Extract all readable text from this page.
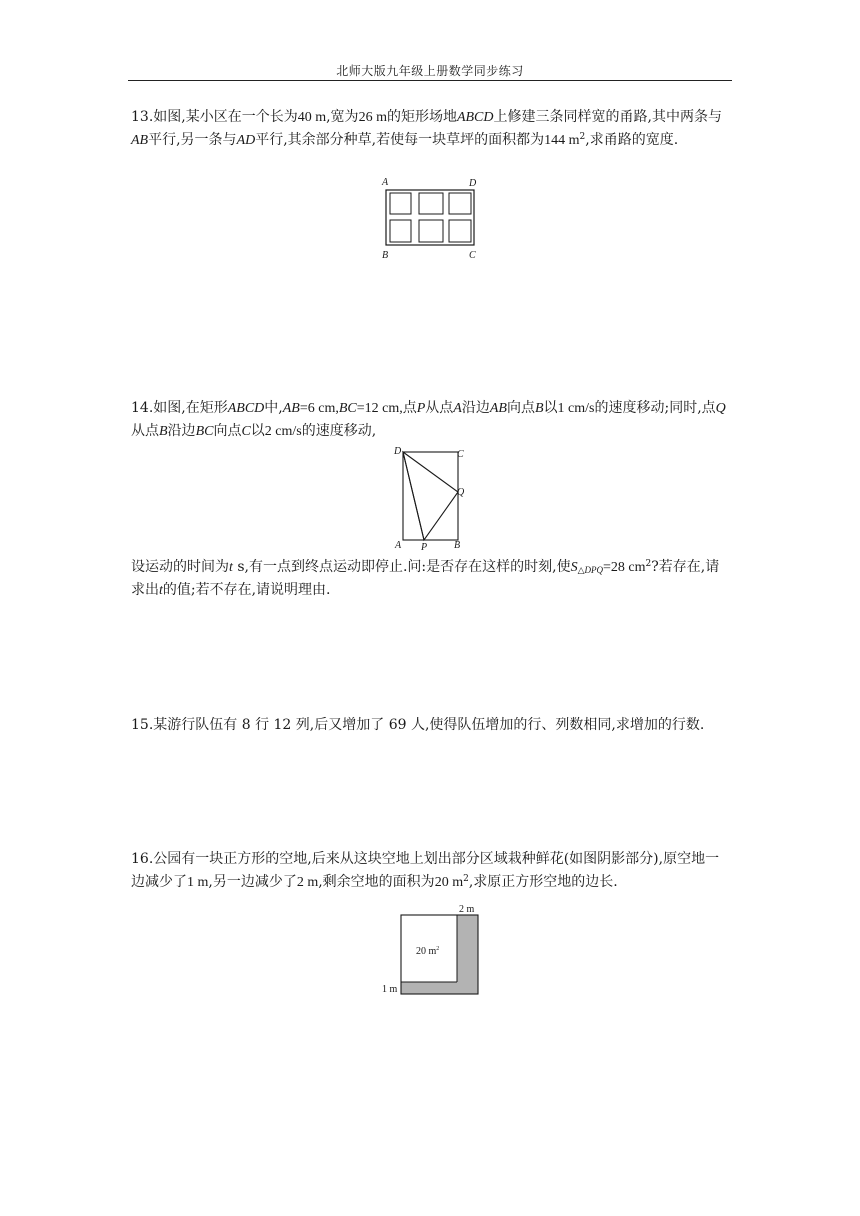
北师大版九年级上册数学同步练习

13.如图,某小区在一个长为40 m,宽为26 m的矩形场地ABCD上修建三条同样宽的甬路,其中两条与AB平行,另一条与AD平行,其余部分种草,若使每一块草坪的面积都为144 $m^2$,求甬路的宽度.

A	D
B	C

14.如图,在矩形ABCD中,AB=6 cm,BC=12 cm,点P从点A沿边AB向点B以1 cm/s的速度移动;同时,点Q从点B沿边BC向点C以2 cm/s的速度移动,

D	C
Q
A P	B

设运动的时间为t s,有一点到终点运动即停止.问:是否存在这样的时刻,使$S_{\triangle DPQ}=28$ $cm^2$?若存在,请求出t的值;若不存在,请说明理由.

15.某游行队伍有 8 行 12 列,后又增加了 69 人,使得队伍增加的行、列数相同,求增加的行数.

16.公园有一块正方形的空地,后来从这块空地上划出部分区域栽种鲜花(如图阴影部分),原空地一边减少了1 m,另一边减少了2 m,剩余空地的面积为20 $m^2$,求原正方形空地的边长.

2 m
1 m
20 $m^2$
